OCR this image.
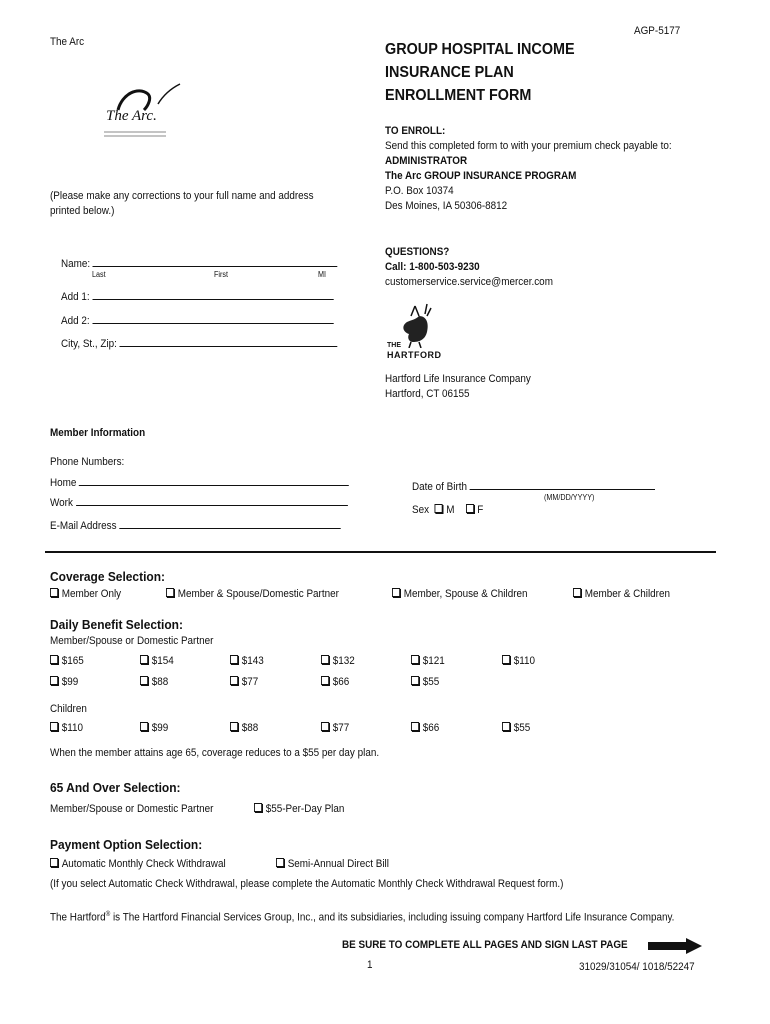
The Arc
AGP-5177
GROUP HOSPITAL INCOME
INSURANCE PLAN
ENROLLMENT FORM
The Arc.
(Please make any corrections to your full name and address
printed below.)
Name:
Last	First	MI
Add 1:
Add 2:
City, St., Zip:
TO ENROLL:
Send this completed form to with your premium check payable to:
ADMINISTRATOR
The Arc GROUP INSURANCE PROGRAM
P.O. Box 10374
Des Moines, IA 50306-8812
QUESTIONS?
Call: 1-800-503-9230
customerservice.service@mercer.com
THE
HARTFORD
Hartford Life Insurance Company
Hartford, CT 06155
Member Information
Phone Numbers:
Home
Work
E-Mail Address
Date of Birth
(MM/DD/YYYY)
Sex M F
Coverage Selection:
Member Only	Member & Spouse/Domestic Partner	Member, Spouse & Children	Member & Children
Daily Benefit Selection:
Member/Spouse or Domestic Partner
$165	$154	$143	$132	$121	$110
$99	$88	$77	$66	$55
Children
$110	$99	$88	$77	$66	$55
When the member attains age 65, coverage reduces to a $55 per day plan.
65 And Over Selection:
Member/Spouse or Domestic Partner	$55-Per-Day Plan
Payment Option Selection:
Automatic Monthly Check Withdrawal	Semi-Annual Direct Bill
(If you select Automatic Check Withdrawal, please complete the Automatic Monthly Check Withdrawal Request form.)
The Hartford® is The Hartford Financial Services Group, Inc., and its subsidiaries, including issuing company Hartford Life Insurance Company.
BE SURE TO COMPLETE ALL PAGES AND SIGN LAST PAGE
1	31029/31054/ 1018/52247
